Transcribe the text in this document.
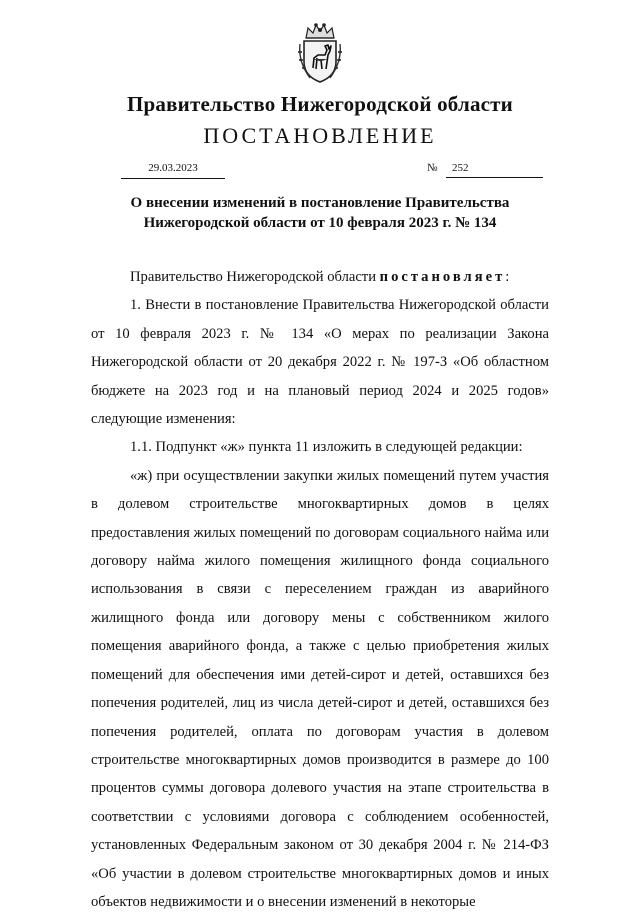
Правительство Нижегородской области
ПОСТАНОВЛЕНИЕ
29.03.2023	№	252
О внесении изменений в постановление Правительства
Нижегородской области от 10 февраля 2023 г. № 134

Правительство Нижегородской области постановляет:

1. Внести в постановление Правительства Нижегородской области от 10 февраля 2023 г. № 134 «О мерах по реализации Закона Нижегородской области от 20 декабря 2022 г. № 197-З «Об областном бюджете на 2023 год и на плановый период 2024 и 2025 годов» следующие изменения:

1.1. Подпункт «ж» пункта 11 изложить в следующей редакции:

«ж) при осуществлении закупки жилых помещений путем участия в долевом строительстве многоквартирных домов в целях предоставления жилых помещений по договорам социального найма или договору найма жилого помещения жилищного фонда социального использования в связи с переселением граждан из аварийного жилищного фонда или договору мены с собственником жилого помещения аварийного фонда, а также с целью приобретения жилых помещений для обеспечения ими детей-сирот и детей, оставшихся без попечения родителей, лиц из числа детей-сирот и детей, оставшихся без попечения родителей, оплата по договорам участия в долевом строительстве многоквартирных домов производится в размере до 100 процентов суммы договора долевого участия на этапе строительства в соответствии с условиями договора с соблюдением особенностей, установленных Федеральным законом от 30 декабря 2004 г. № 214-ФЗ «Об участии в долевом строительстве многоквартирных домов и иных объектов недвижимости и о внесении изменений в некоторые
